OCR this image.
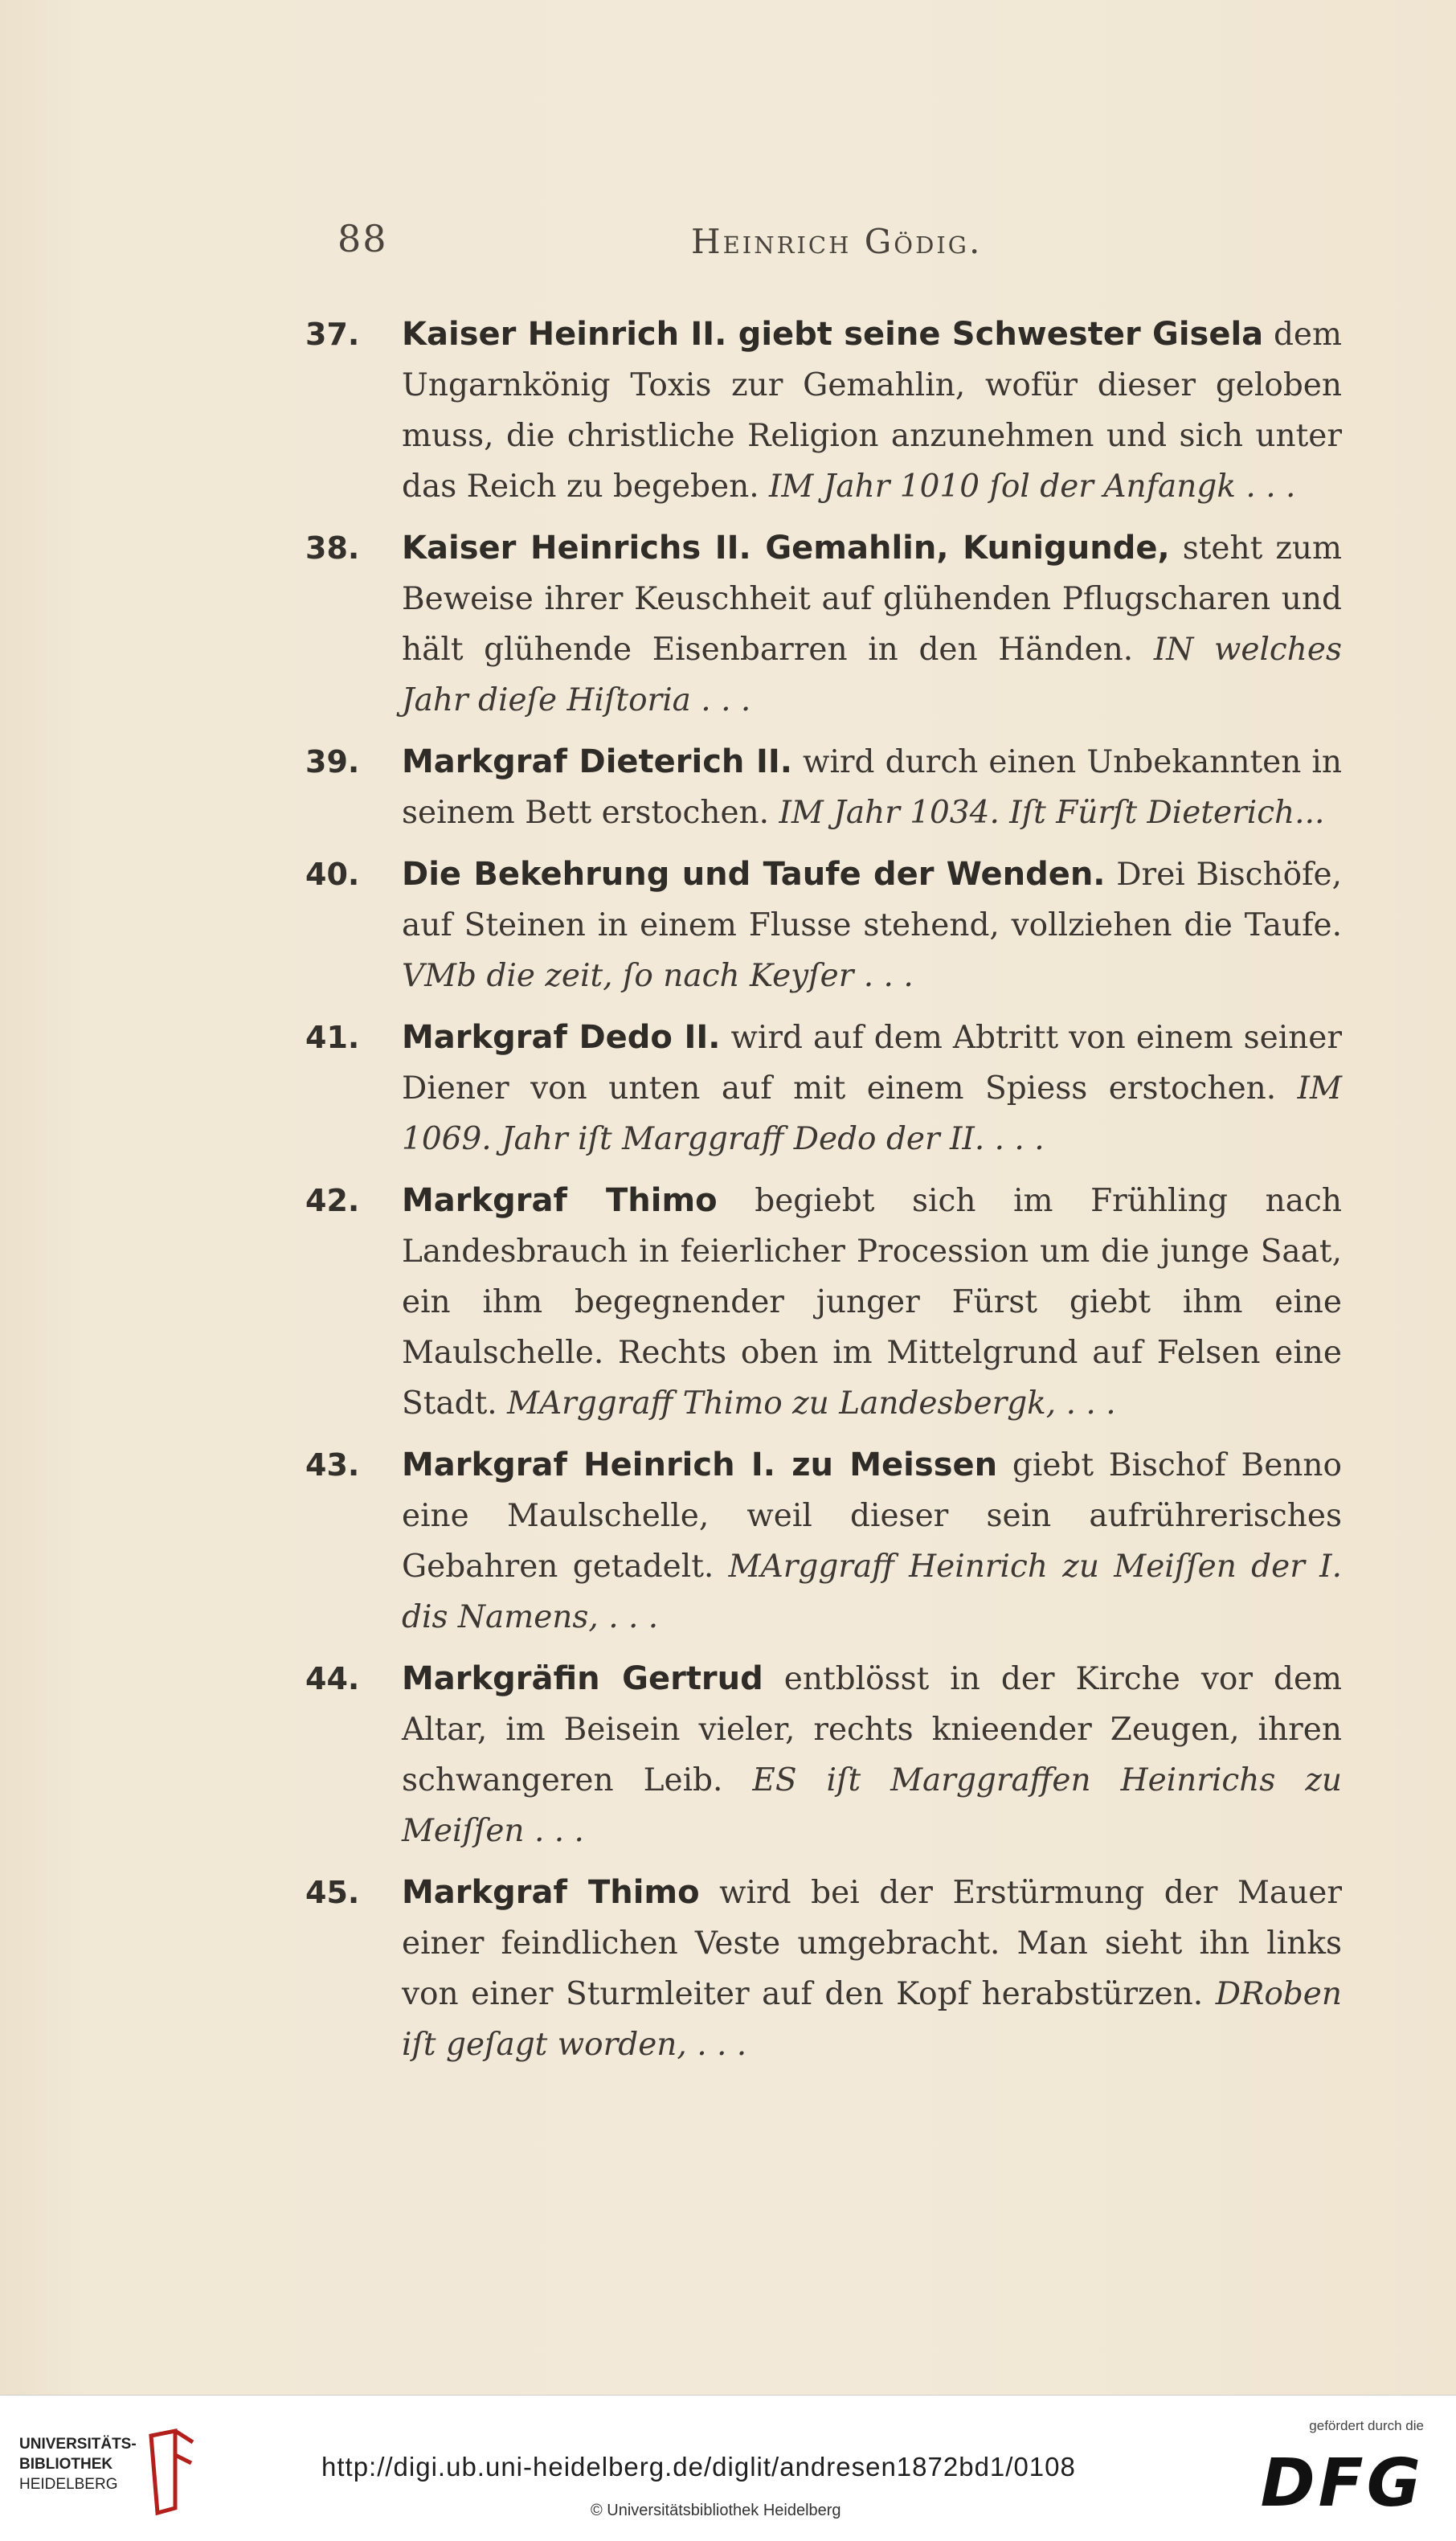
88	Heinrich Gödig.
37. Kaiser Heinrich II. giebt seine Schwester Gisela dem Ungarnkönig Toxis zur Gemahlin, wofür dieser geloben muss, die christliche Religion anzunehmen und sich unter das Reich zu begeben. IM Jahr 1010 ſol der Anfangk . . .
38. Kaiser Heinrichs II. Gemahlin, Kunigunde, steht zum Beweise ihrer Keuschheit auf glühenden Pflugscharen und hält glühende Eisenbarren in den Händen. IN welches Jahr dieſe Hiſtoria . . .
39. Markgraf Dieterich II. wird durch einen Unbekannten in seinem Bett erstochen. IM Jahr 1034. Iſt Fürſt Dieterich...
40. Die Bekehrung und Taufe der Wenden. Drei Bischöfe, auf Steinen in einem Flusse stehend, vollziehen die Taufe. VMb die zeit, ſo nach Keyſer . . .
41. Markgraf Dedo II. wird auf dem Abtritt von einem seiner Diener von unten auf mit einem Spiess erstochen. IM 1069. Jahr iſt Marggraff Dedo der II. . . .
42. Markgraf Thimo begiebt sich im Frühling nach Landesbrauch in feierlicher Procession um die junge Saat, ein ihm begegnender junger Fürst giebt ihm eine Maulschelle. Rechts oben im Mittelgrund auf Felsen eine Stadt. MArggraff Thimo zu Landesbergk, . . .
43. Markgraf Heinrich I. zu Meissen giebt Bischof Benno eine Maulschelle, weil dieser sein aufrührerisches Gebahren getadelt. MArggraff Heinrich zu Meiſſen der I. dis Namens, . . .
44. Markgräfin Gertrud entblösst in der Kirche vor dem Altar, im Beisein vieler, rechts knieender Zeugen, ihren schwangeren Leib. ES iſt Marggraffen Heinrichs zu Meiſſen . . .
45. Markgraf Thimo wird bei der Erstürmung der Mauer einer feindlichen Veste umgebracht. Man sieht ihn links von einer Sturmleiter auf den Kopf herabstürzen. DRoben iſt geſagt worden, . . .
UNIVERSITÄTS-
BIBLIOTHEK
HEIDELBERG
http://digi.ub.uni-heidelberg.de/diglit/andresen1872bd1/0108
© Universitätsbibliothek Heidelberg
gefördert durch die
DFG
